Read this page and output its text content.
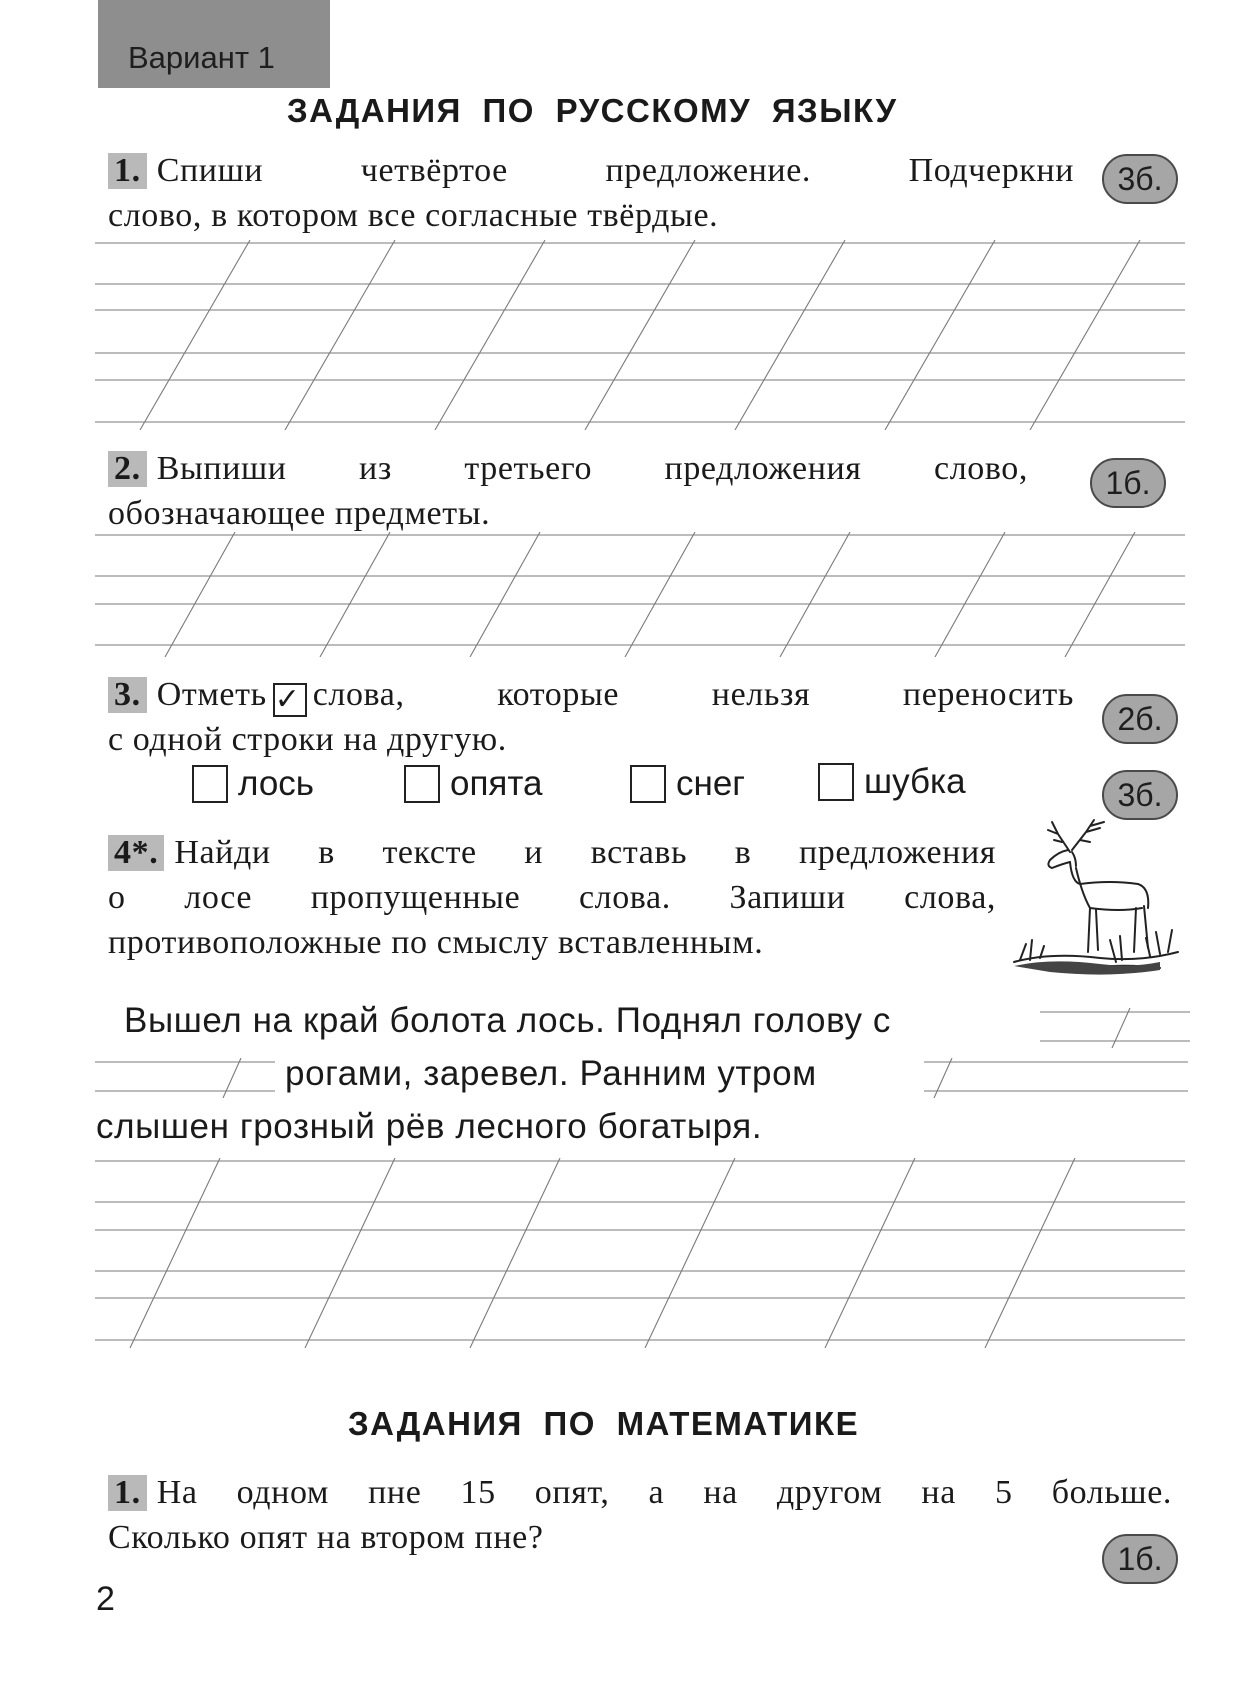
Вариант 1
ЗАДАНИЯ ПО РУССКОМУ ЯЗЫКУ
1. Спиши четвёртое предложение. Подчеркни
слово, в котором все согласные твёрдые.
3б.
2. Выпиши из третьего предложения слово,
обозначающее предметы.
1б.
3. Отметь ✓ слова, которые нельзя переносить
с одной строки на другую.
2б.
лось	опята	снег	шубка	3б.
4*. Найди в тексте и вставь в предложения
о лосе пропущенные слова. Запиши слова,
противоположные по смыслу вставленным.
Вышел на край болота лось. Поднял голову с
рогами, заревел. Ранним утром
слышен грозный рёв лесного богатыря.
ЗАДАНИЯ ПО МАТЕМАТИКЕ
1. На одном пне 15 опят, а на другом на 5 больше.
Сколько опят на втором пне?
1б.
2
